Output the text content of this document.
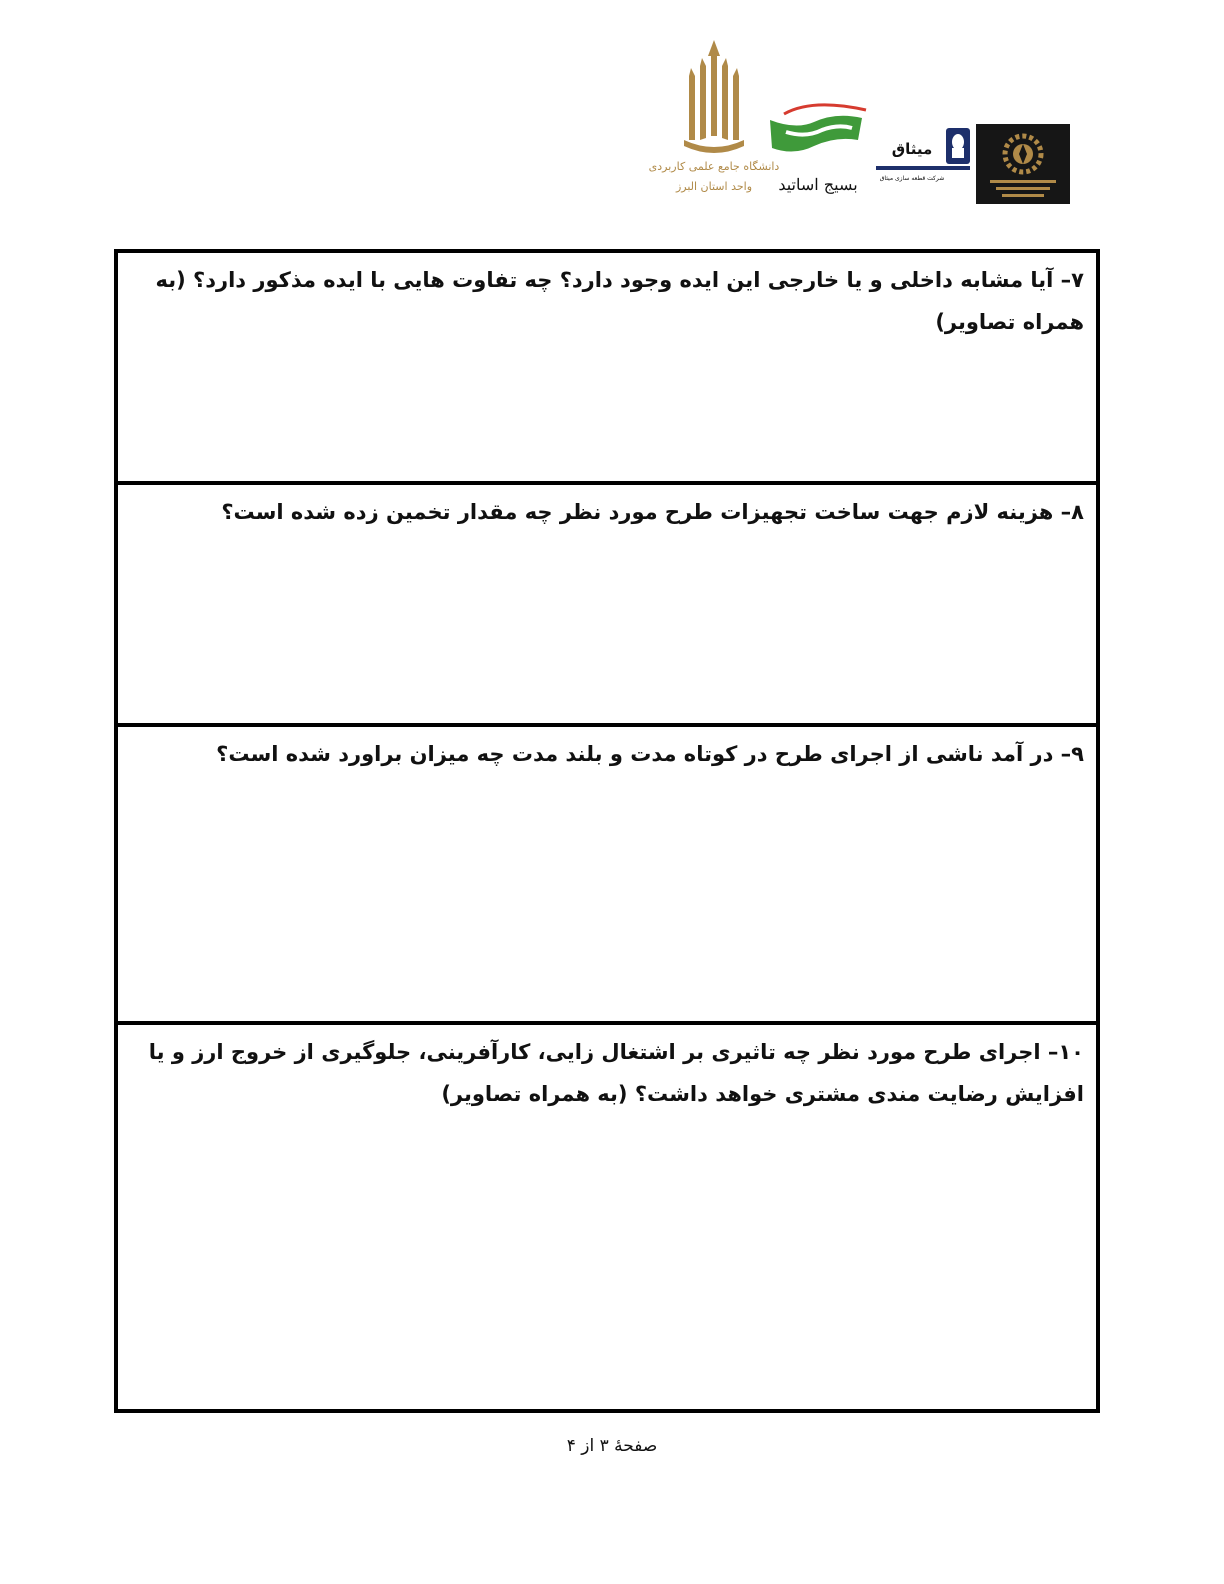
دانشگاه جامع علمی کاربردی
واحد استان البرز بسیج اساتید
میثاق
شرکت قطعه سازی میثاق
۷– آیا مشابه داخلی و یا خارجی این ایده وجود دارد؟ چه تفاوت هایی با ایده مذکور دارد؟ (به همراه تصاویر)
۸– هزینه لازم جهت ساخت تجهیزات طرح مورد نظر چه مقدار تخمین زده شده است؟
۹– در آمد ناشی از اجرای طرح در کوتاه مدت و بلند مدت چه میزان براورد شده است؟
۱۰– اجرای طرح مورد نظر چه تاثیری بر اشتغال زایی، کارآفرینی، جلوگیری از خروج ارز و یا افزایش رضایت مندی مشتری خواهد داشت؟ (به همراه تصاویر)
صفحهٔ ۳ از ۴
